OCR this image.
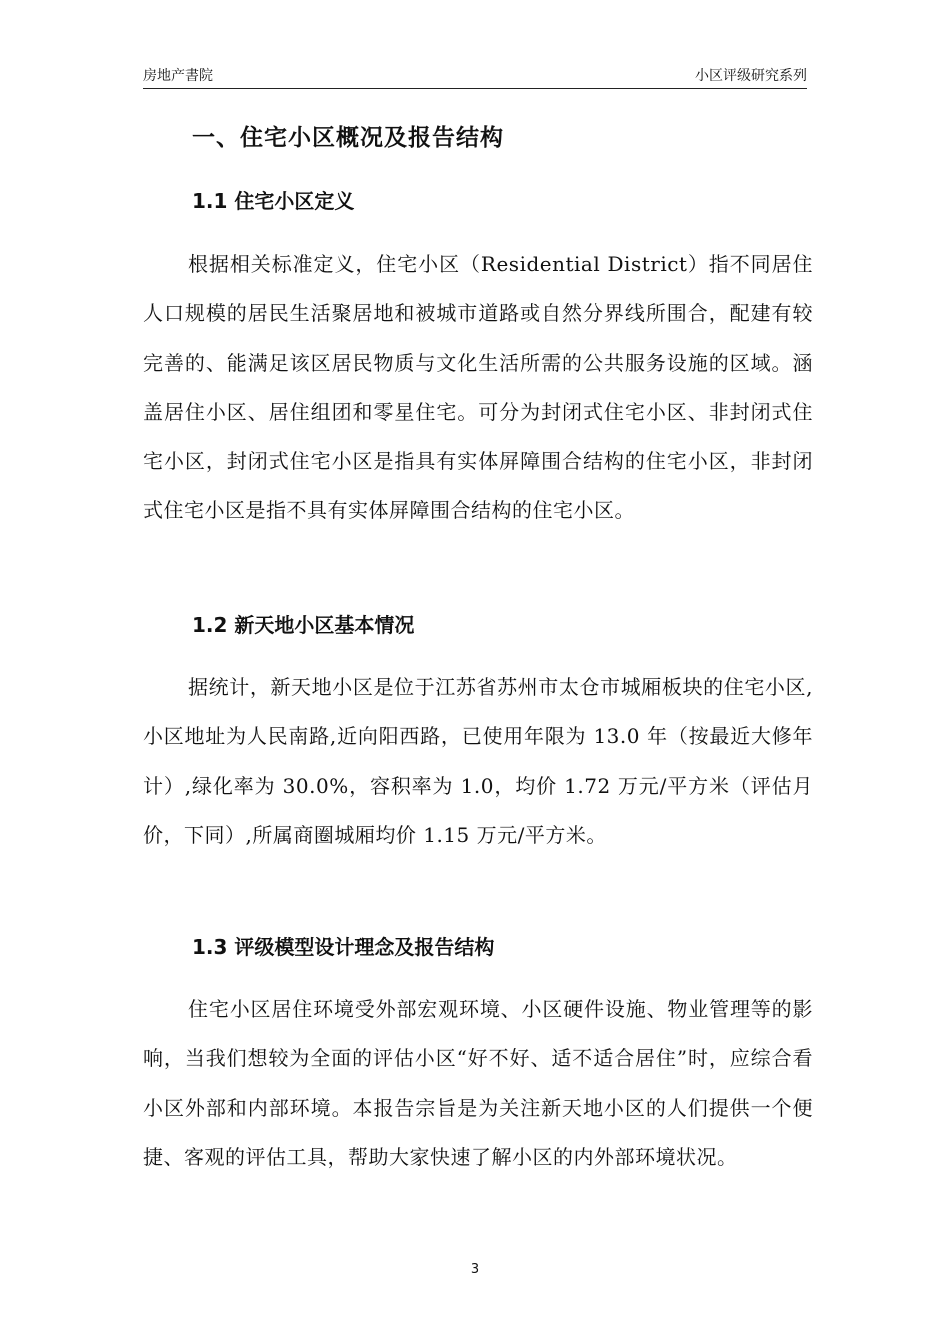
房地产書院	小区评级研究系列
一、住宅小区概况及报告结构
1.1 住宅小区定义

根据相关标准定义，住宅小区（Residential District）指不同居住人口规模的居民生活聚居地和被城市道路或自然分界线所围合，配建有较完善的、能满足该区居民物质与文化生活所需的公共服务设施的区域。涵盖居住小区、居住组团和零星住宅。可分为封闭式住宅小区、非封闭式住宅小区，封闭式住宅小区是指具有实体屏障围合结构的住宅小区，非封闭式住宅小区是指不具有实体屏障围合结构的住宅小区。

1.2 新天地小区基本情况

据统计，新天地小区是位于江苏省苏州市太仓市城厢板块的住宅小区,小区地址为人民南路,近向阳西路，已使用年限为 13.0 年（按最近大修年计）,绿化率为 30.0%，容积率为 1.0，均价 1.72 万元/平方米（评估月价，下同）,所属商圈城厢均价 1.15 万元/平方米。

1.3 评级模型设计理念及报告结构

住宅小区居住环境受外部宏观环境、小区硬件设施、物业管理等的影响，当我们想较为全面的评估小区“好不好、适不适合居住”时，应综合看小区外部和内部环境。本报告宗旨是为关注新天地小区的人们提供一个便捷、客观的评估工具，帮助大家快速了解小区的内外部环境状况。

3
